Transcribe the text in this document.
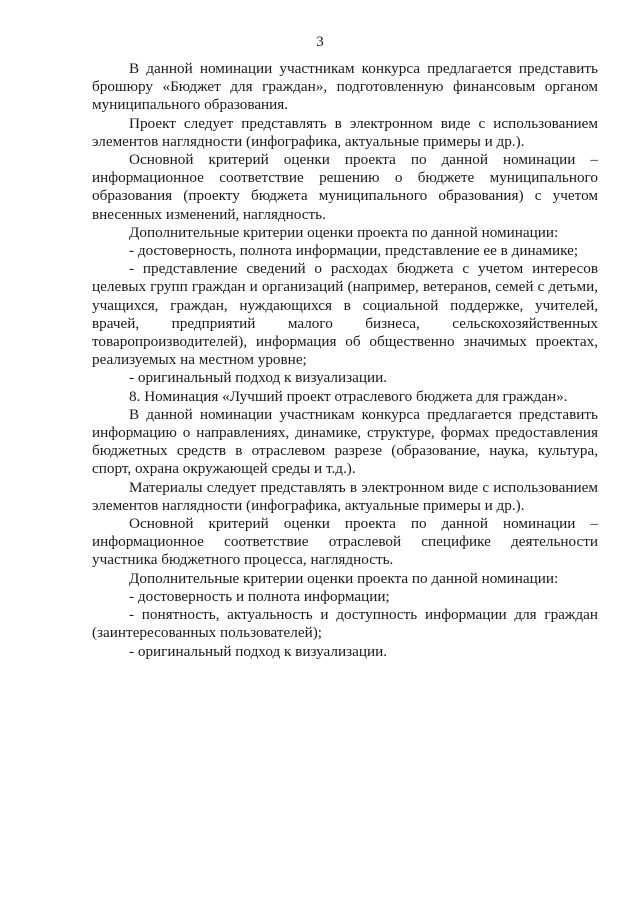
3

В данной номинации участникам конкурса предлагается представить брошюру «Бюджет для граждан», подготовленную финансовым органом муниципального образования.

Проект следует представлять в электронном виде с использованием элементов наглядности (инфографика, актуальные примеры и др.).

Основной критерий оценки проекта по данной номинации – информационное соответствие решению о бюджете муниципального образования (проекту бюджета муниципального образования) с учетом внесенных изменений, наглядность.

Дополнительные критерии оценки проекта по данной номинации:

- достоверность, полнота информации, представление ее в динамике;

- представление сведений о расходах бюджета с учетом интересов целевых групп граждан и организаций (например, ветеранов, семей с детьми, учащихся, граждан, нуждающихся в социальной поддержке, учителей, врачей, предприятий малого бизнеса, сельскохозяйственных товаропроизводителей), информация об общественно значимых проектах, реализуемых на местном уровне;

- оригинальный подход к визуализации.

8. Номинация «Лучший проект отраслевого бюджета для граждан».

В данной номинации участникам конкурса предлагается представить информацию о направлениях, динамике, структуре, формах предоставления бюджетных средств в отраслевом разрезе (образование, наука, культура, спорт, охрана окружающей среды и т.д.).

Материалы следует представлять в электронном виде с использованием элементов наглядности (инфографика, актуальные примеры и др.).

Основной критерий оценки проекта по данной номинации – информационное соответствие отраслевой специфике деятельности участника бюджетного процесса, наглядность.

Дополнительные критерии оценки проекта по данной номинации:

- достоверность и полнота информации;

- понятность, актуальность и доступность информации для граждан (заинтересованных пользователей);

- оригинальный подход к визуализации.
